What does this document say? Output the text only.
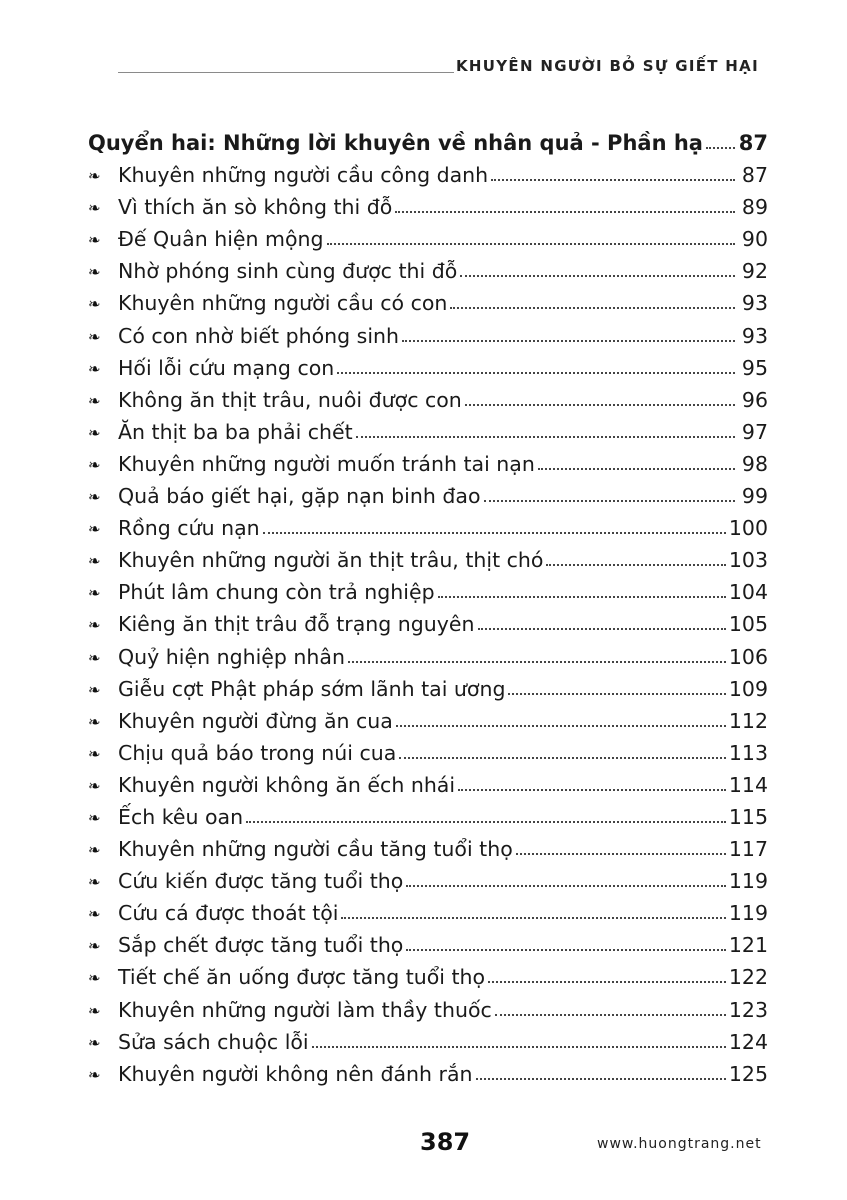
KHUYÊN NGƯỜI BỎ SỰ GIẾT HẠI
Quyển hai: Những lời khuyên về nhân quả - Phần hạ 87
❧
Khuyên những người cầu công danh	87
❧
Vì thích ăn sò không thi đỗ	89
❧
Đế Quân hiện mộng	90
❧
Nhờ phóng sinh cùng được thi đỗ	92
❧
Khuyên những người cầu có con	93
❧
Có con nhờ biết phóng sinh	93
❧
Hối lỗi cứu mạng con	95
❧
Không ăn thịt trâu, nuôi được con	96
❧
Ăn thịt ba ba phải chết	97
❧
Khuyên những người muốn tránh tai nạn	98
❧
Quả báo giết hại, gặp nạn binh đao	99
❧
Rồng cứu nạn	100
❧
Khuyên những người ăn thịt trâu, thịt chó	103
❧
Phút lâm chung còn trả nghiệp	104
❧
Kiêng ăn thịt trâu đỗ trạng nguyên	105
❧
Quỷ hiện nghiệp nhân	106
❧
Giễu cợt Phật pháp sớm lãnh tai ương	109
❧
Khuyên người đừng ăn cua	112
❧
Chịu quả báo trong núi cua	113
❧
Khuyên người không ăn ếch nhái	114
❧
Ếch kêu oan	115
❧
Khuyên những người cầu tăng tuổi thọ	117
❧
Cứu kiến được tăng tuổi thọ	119
❧
Cứu cá được thoát tội	119
❧
Sắp chết được tăng tuổi thọ	121
❧
Tiết chế ăn uống được tăng tuổi thọ	122
❧
Khuyên những người làm thầy thuốc	123
❧
Sửa sách chuộc lỗi	124
❧
Khuyên người không nên đánh rắn	125
387	www.huongtrang.net
